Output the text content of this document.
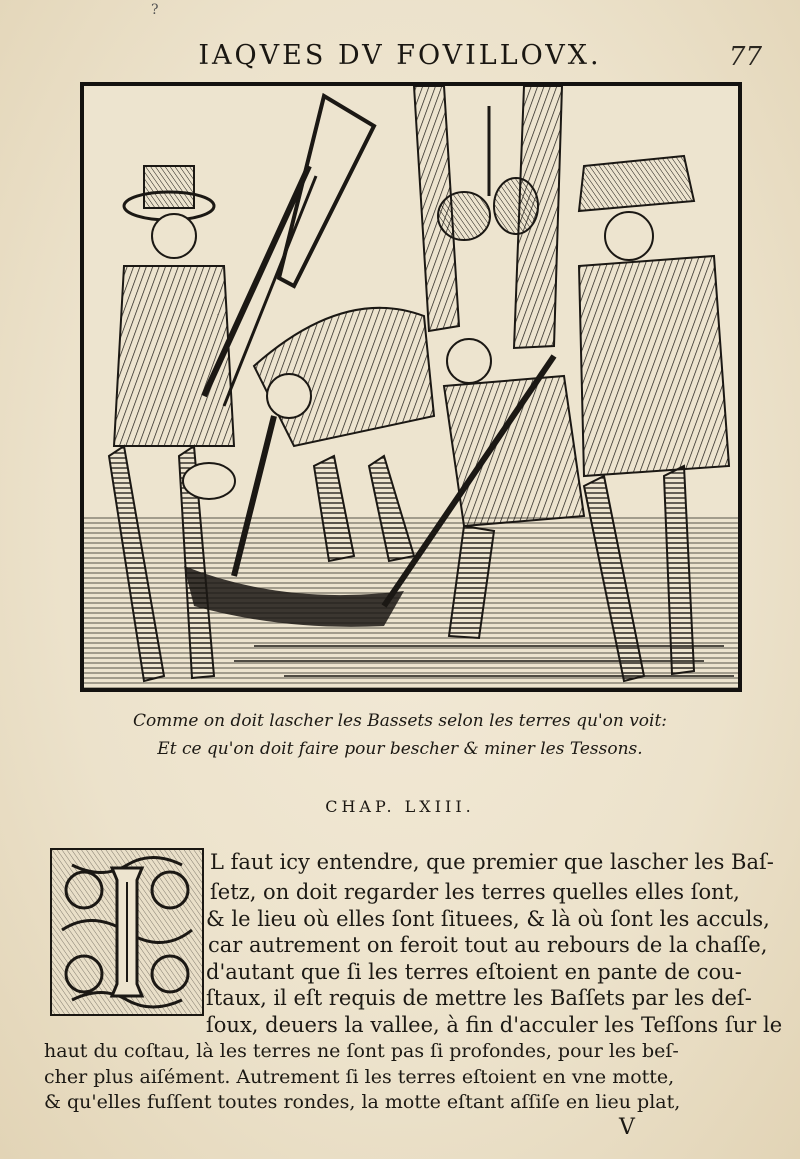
?
IAQVES DV FOVILLOVX.	77
Comme on doit lascher les Bassets selon les terres qu'on voit:
Et ce qu'on doit faire pour bescher & miner les Tessons.
CHAP. LXIII.
L faut icy entendre, que premier que lascher les Baſ-
ſetz, on doit regarder les terres quelles elles ſont,
& le lieu où elles ſont ſituees, & là où ſont les acculs,
car autrement on feroit tout au rebours de la chaſſe,
d'autant que ſi les terres eſtoient en pante de cou-
ſtaux, il eſt requis de mettre les Baſſets par les deſ-
ſoux, deuers la vallee, à fin d'acculer les Teſſons ſur le
haut du coſtau, là les terres ne ſont pas ſi profondes, pour les beſ-
cher plus aiſément. Autrement ſi les terres eſtoient en vne motte,
& qu'elles fuſſent toutes rondes, la motte eſtant aſſiſe en lieu plat,
V
